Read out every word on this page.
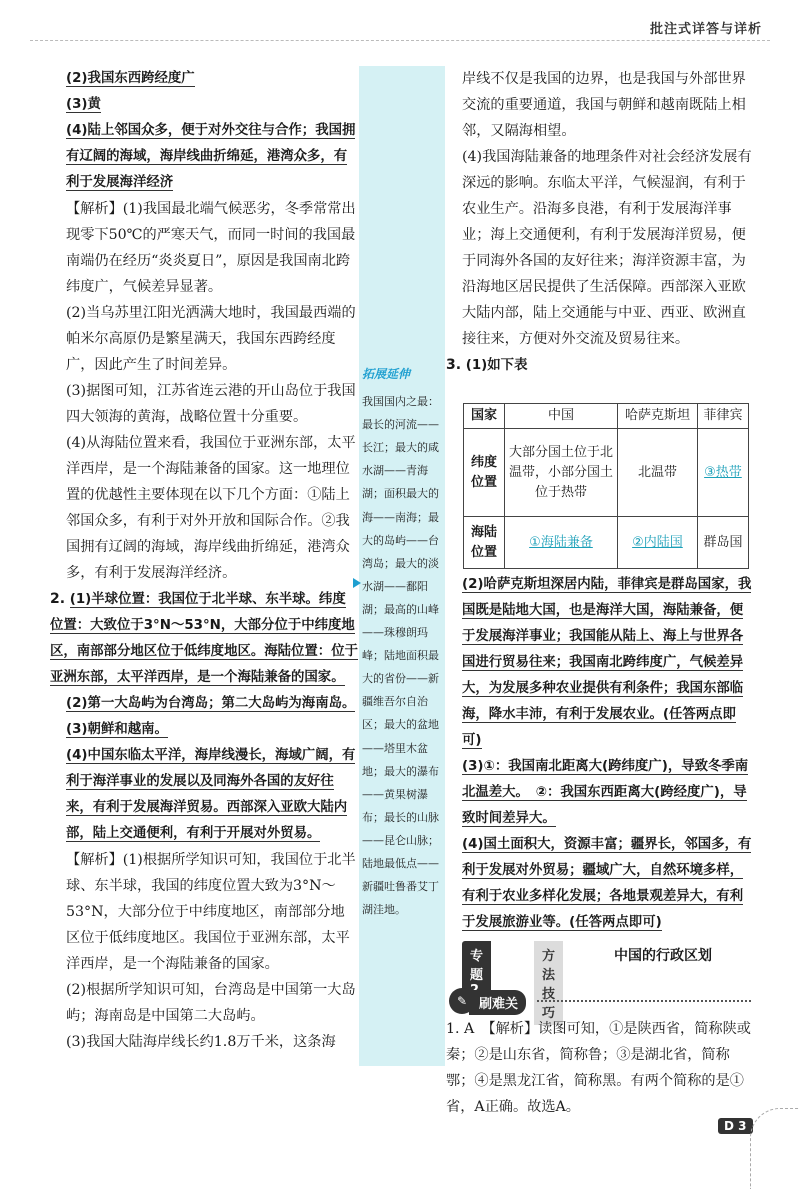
批注式详答与详析
拓展延伸
我国国内之最：最长的河流——长江；最大的咸水湖——青海湖；面积最大的海——南海；最大的岛屿——台湾岛；最大的淡水湖——鄱阳湖；最高的山峰——珠穆朗玛峰；陆地面积最大的省份——新疆维吾尔自治区；最大的盆地——塔里木盆地；最大的瀑布——黄果树瀑布；最长的山脉——昆仑山脉；陆地最低点——新疆吐鲁番艾丁湖洼地。

(2)我国东西跨经度广

(3)黄

(4)陆上邻国众多，便于对外交往与合作；我国拥有辽阔的海域，海岸线曲折绵延，港湾众多，有利于发展海洋经济

【解析】(1)我国最北端气候恶劣，冬季常常出现零下50℃的严寒天气，而同一时间的我国最南端仍在经历“炎炎夏日”，原因是我国南北跨纬度广，气候差异显著。

(2)当乌苏里江阳光洒满大地时，我国最西端的帕米尔高原仍是繁星满天，我国东西跨经度广，因此产生了时间差异。

(3)据图可知，江苏省连云港的开山岛位于我国四大领海的黄海，战略位置十分重要。

(4)从海陆位置来看，我国位于亚洲东部，太平洋西岸，是一个海陆兼备的国家。这一地理位置的优越性主要体现在以下几个方面：①陆上邻国众多，有利于对外开放和国际合作。②我国拥有辽阔的海域，海岸线曲折绵延，港湾众多，有利于发展海洋经济。

2. (1)半球位置：我国位于北半球、东半球。纬度位置：大致位于3°N～53°N，大部分位于中纬度地区，南部部分地区位于低纬度地区。海陆位置：位于亚洲东部，太平洋西岸，是一个海陆兼备的国家。

(2)第一大岛屿为台湾岛；第二大岛屿为海南岛。

(3)朝鲜和越南。

(4)中国东临太平洋，海岸线漫长，海域广阔，有利于海洋事业的发展以及同海外各国的友好往来，有利于发展海洋贸易。西部深入亚欧大陆内部，陆上交通便利，有利于开展对外贸易。

【解析】(1)根据所学知识可知，我国位于北半球、东半球，我国的纬度位置大致为3°N～53°N，大部分位于中纬度地区，南部部分地区位于低纬度地区。我国位于亚洲东部，太平洋西岸，是一个海陆兼备的国家。

(2)根据所学知识可知，台湾岛是中国第一大岛屿；海南岛是中国第二大岛屿。

(3)我国大陆海岸线长约1.8万千米，这条海

岸线不仅是我国的边界，也是我国与外部世界交流的重要通道，我国与朝鲜和越南既陆上相邻，又隔海相望。

(4)我国海陆兼备的地理条件对社会经济发展有深远的影响。东临太平洋，气候湿润，有利于农业生产。沿海多良港，有利于发展海洋事业；海上交通便利，有利于发展海洋贸易，便于同海外各国的友好往来；海洋资源丰富，为沿海地区居民提供了生活保障。西部深入亚欧大陆内部，陆上交通能与中亚、西亚、欧洲直接往来，方便对外交流及贸易往来。

3. (1)如下表

国家	中国	哈萨克斯坦	菲律宾
纬度位置	大部分国土位于北温带，小部分国土位于热带	北温带	③热带
海陆位置	①海陆兼备	②内陆国	群岛国

(2)哈萨克斯坦深居内陆，菲律宾是群岛国家，我国既是陆地大国，也是海洋大国，海陆兼备，便于发展海洋事业；我国能从陆上、海上与世界各国进行贸易往来；我国南北跨纬度广，气候差异大，为发展多种农业提供有利条件；我国东部临海，降水丰沛，有利于发展农业。(任答两点即可)

(3)①：我国南北距离大(跨纬度广)，导致冬季南北温差大。　②：我国东西距离大(跨经度广)，导致时间差异大。

(4)国土面积大，资源丰富；疆界长，邻国多，有利于发展对外贸易；疆域广大，自然环境多样，有利于农业多样化发展；各地景观差异大，有利于发展旅游业等。(任答两点即可)

专题
方法技巧
中国的行政区划
✎ 刷难关

1. A　【解析】读图可知，①是陕西省，简称陕或秦；②是山东省，简称鲁；③是湖北省，简称鄂；④是黑龙江省，简称黑。有两个简称的是①省，A正确。故选A。

D 3
